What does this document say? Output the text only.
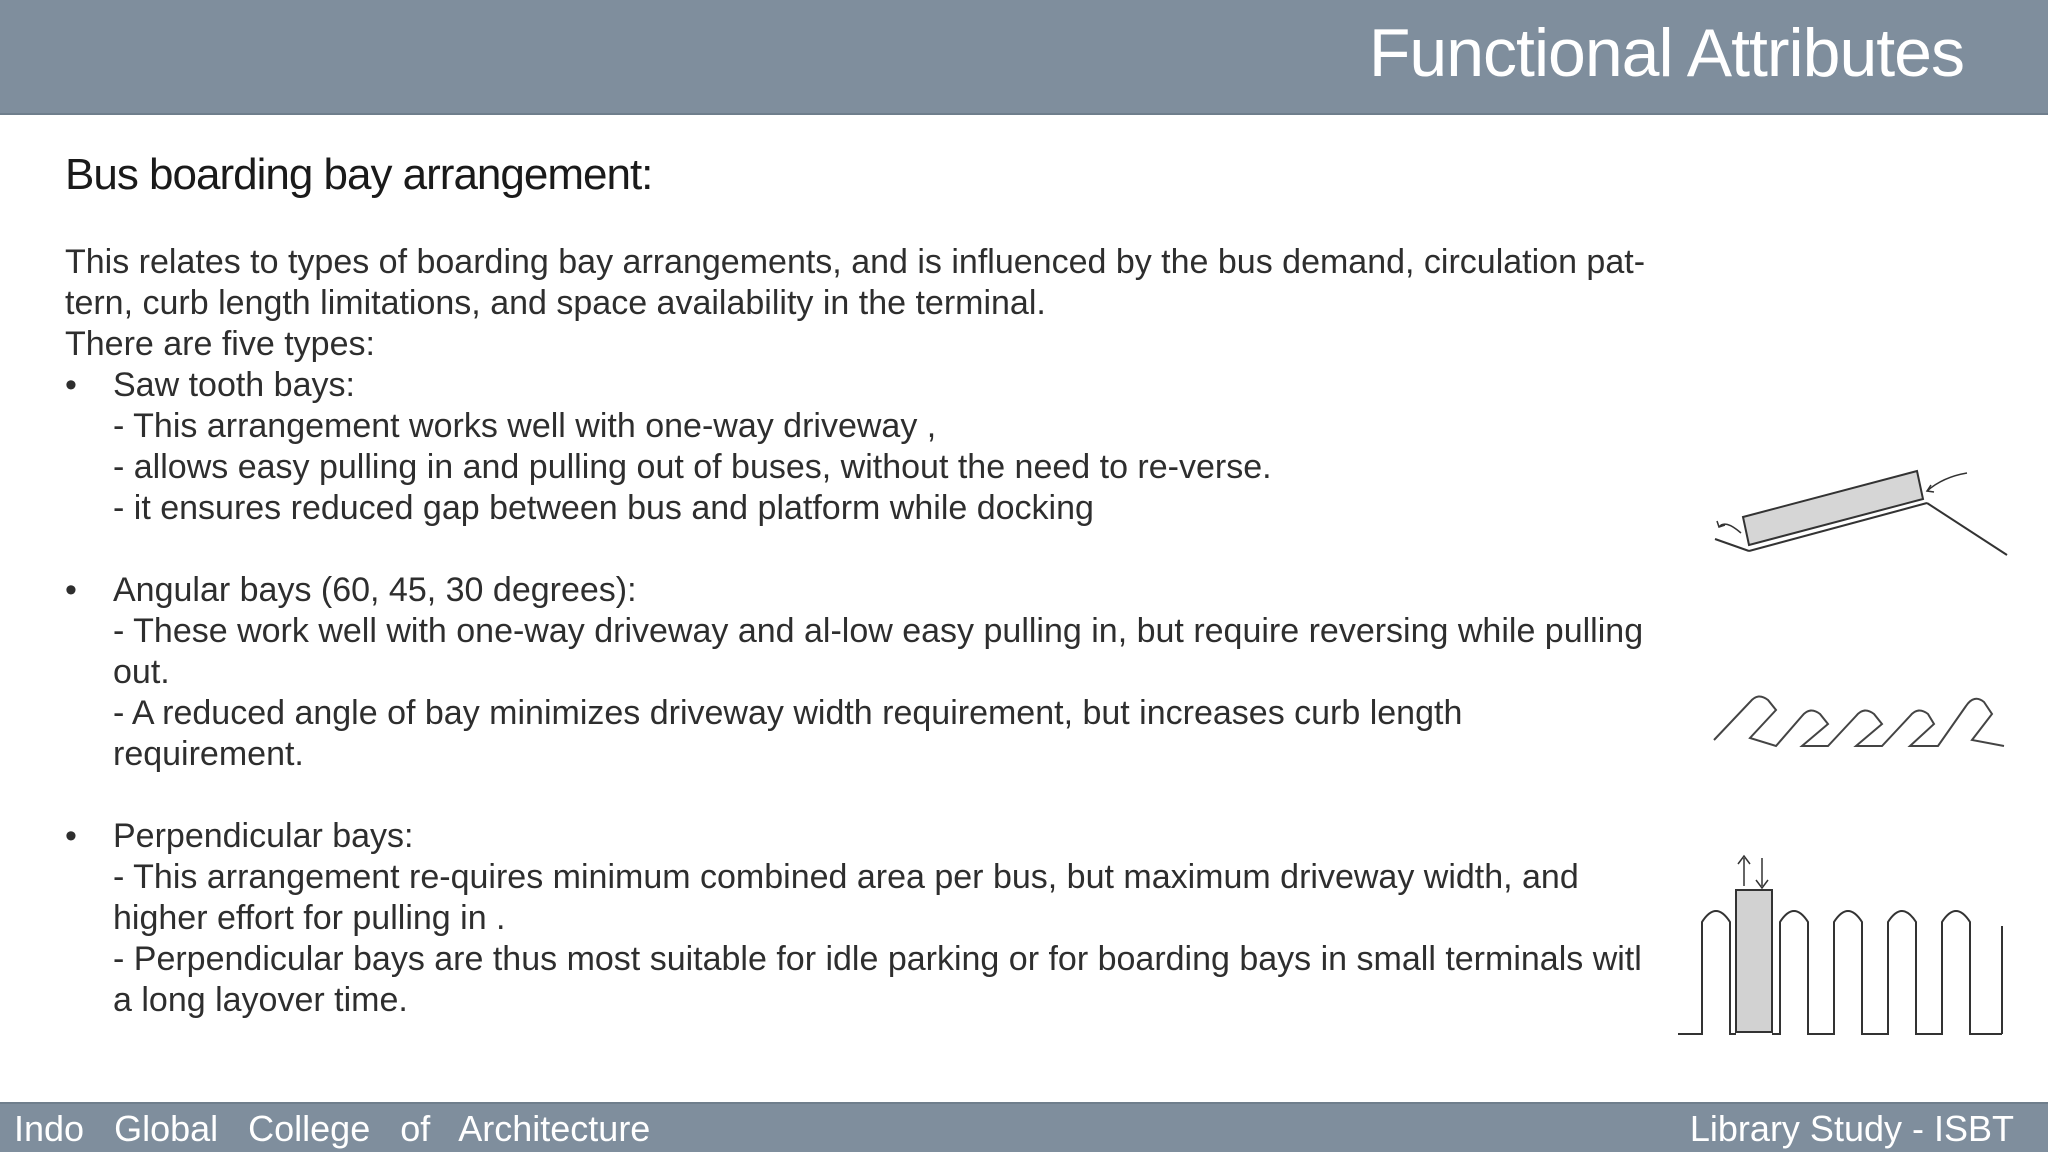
Functional Attributes
Bus boarding bay arrangement:

This relates to types of boarding bay arrangements, and is influenced by the bus demand, circulation pat-

tern, curb length limitations, and space availability in the terminal.

There are five types:

• Saw tooth bays:

- This arrangement works well with one-way driveway ,

- allows easy pulling in and pulling out of buses, without the need to re-verse.

- it ensures reduced gap between bus and platform while docking

• Angular bays (60, 45, 30 degrees):

- These work well with one-way driveway and al-low easy pulling in, but require reversing while pulling

out.

- A reduced angle of bay minimizes driveway width requirement, but increases curb length

requirement.

• Perpendicular bays:

- This arrangement re-quires minimum combined area per bus, but maximum driveway width, and

higher effort for pulling in .

- Perpendicular bays are thus most suitable for idle parking or for boarding bays in small terminals witl

a long layover time.

Indo Global College of Architecture	Library Study - ISBT
